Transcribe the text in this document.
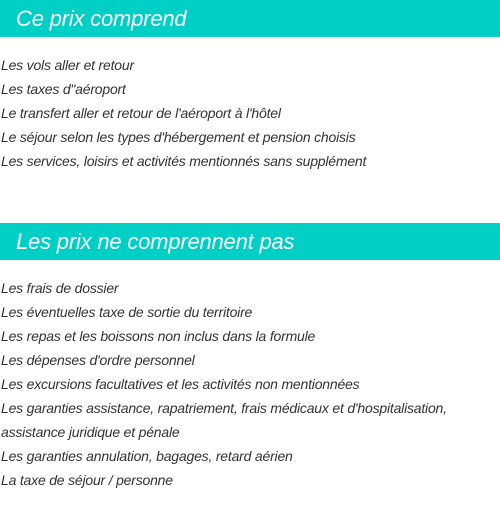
Ce prix comprend
Les vols aller et retour
Les taxes d"aéroport
Le transfert aller et retour de l'aéroport à l'hôtel
Le séjour selon les types d'hébergement et pension choisis
Les services, loisirs et activités mentionnés sans supplément
Les prix ne comprennent pas
Les frais de dossier
Les éventuelles taxe de sortie du territoire
Les repas et les boissons non inclus dans la formule
Les dépenses d'ordre personnel
Les excursions facultatives et les activités non mentionnées
Les garanties assistance, rapatriement, frais médicaux et d'hospitalisation, assistance juridique et pénale
Les garanties annulation, bagages, retard aérien
La taxe de séjour / personne
